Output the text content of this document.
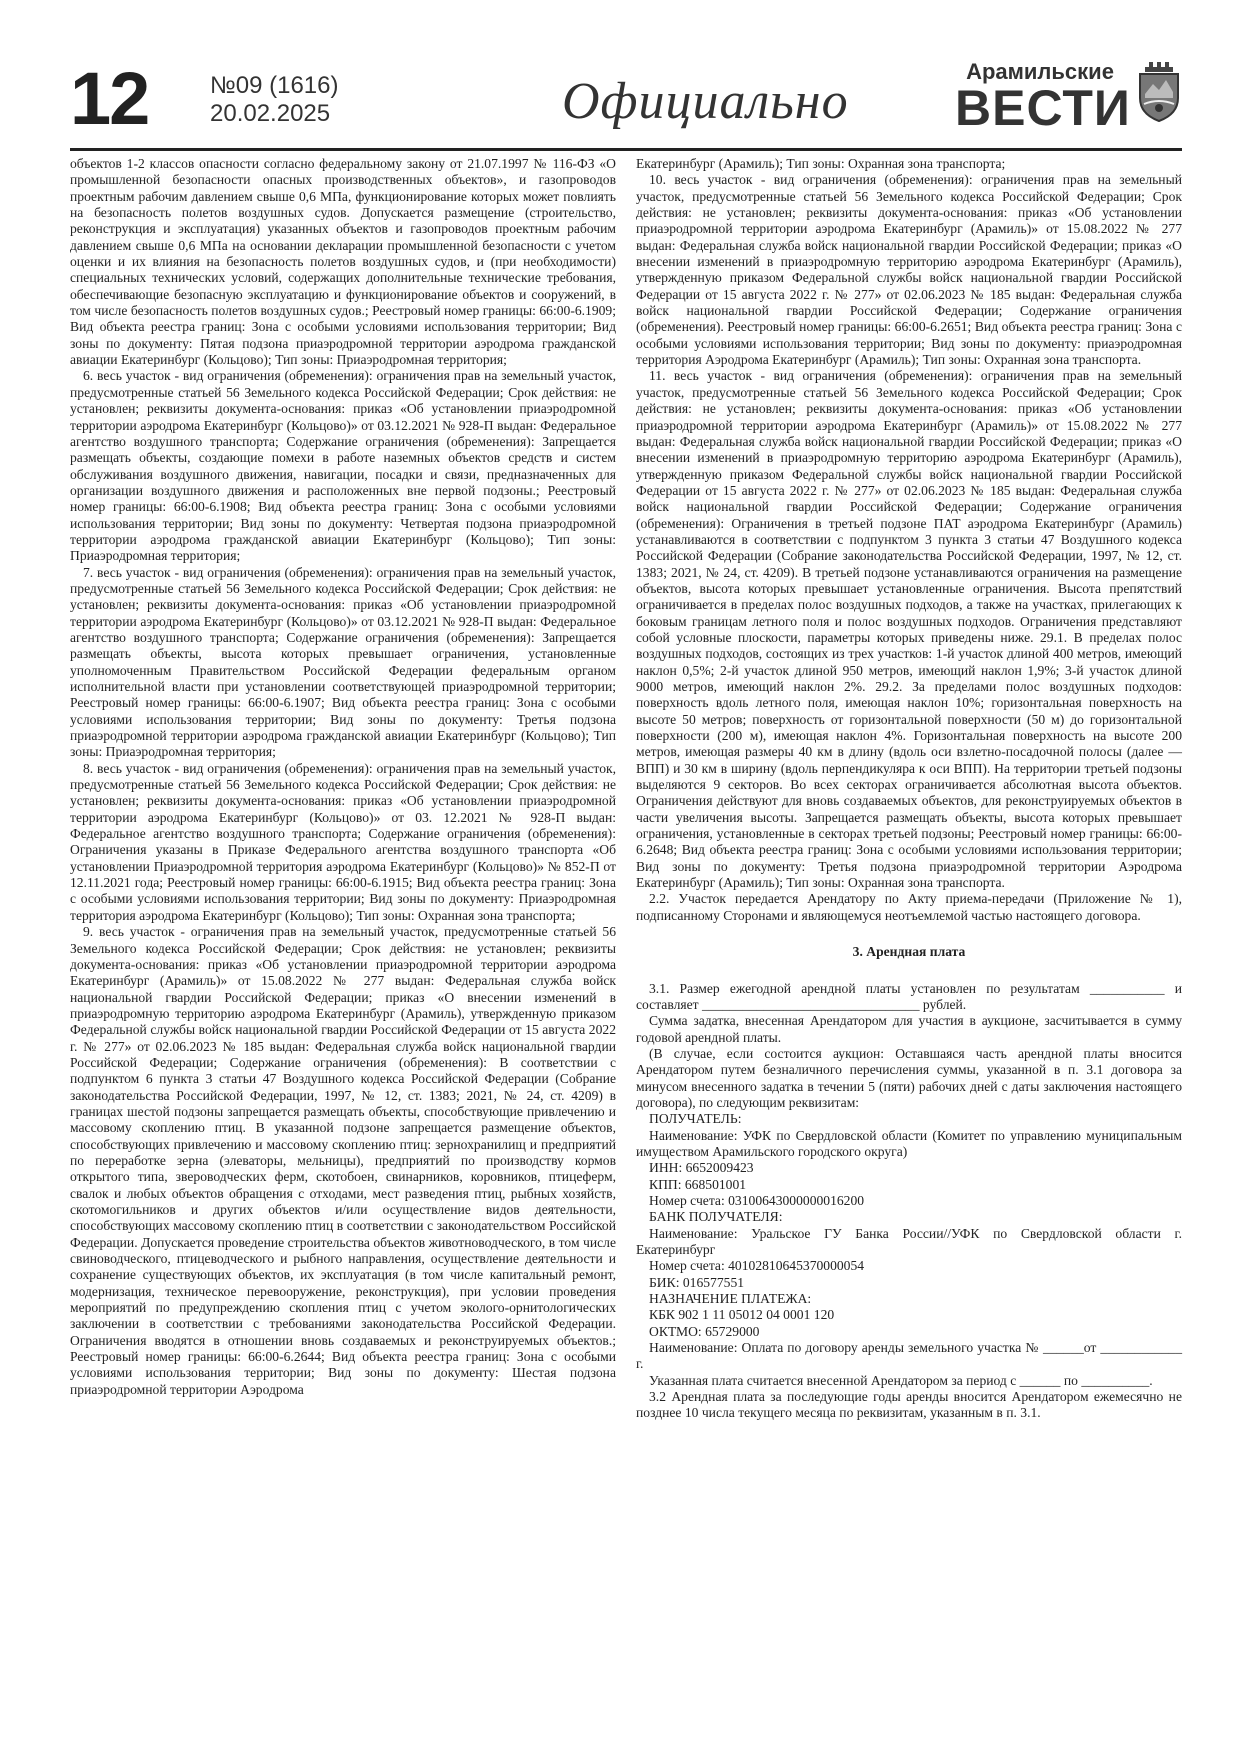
12	№09 (1616)
20.02.2025	Официально
Арамильские
ВЕСТИ

объектов 1-2 классов опасности согласно федеральному закону от 21.07.1997 № 116-ФЗ «О промышленной безопасности опасных производственных объектов», и газопроводов проектным рабочим давлением свыше 0,6 МПа, функционирование которых может повлиять на безопасность полетов воздушных судов. Допускается размещение (строительство, реконструкция и эксплуатация) указанных объектов и газопроводов проектным рабочим давлением свыше 0,6 МПа на основании декларации промышленной безопасности с учетом оценки и их влияния на безопасность полетов воздушных судов, и (при необходимости) специальных технических условий, содержащих дополнительные технические требования, обеспечивающие безопасную эксплуатацию и функционирование объектов и сооружений, в том числе безопасность полетов воздушных судов.; Реестровый номер границы: 66:00-6.1909; Вид объекта реестра границ: Зона с особыми условиями использования территории; Вид зоны по документу: Пятая подзона приаэродромной территории аэродрома гражданской авиации Екатеринбург (Кольцово); Тип зоны: Приаэродромная территория;

6. весь участок - вид ограничения (обременения): ограничения прав на земельный участок, предусмотренные статьей 56 Земельного кодекса Российской Федерации; Срок действия: не установлен; реквизиты документа-основания: приказ «Об установлении приаэродромной территории аэродрома Екатеринбург (Кольцово)» от 03.12.2021 № 928-П выдан: Федеральное агентство воздушного транспорта; Содержание ограничения (обременения): Запрещается размещать объекты, создающие помехи в работе наземных объектов средств и систем обслуживания воздушного движения, навигации, посадки и связи, предназначенных для организации воздушного движения и расположенных вне первой подзоны.; Реестровый номер границы: 66:00-6.1908; Вид объекта реестра границ: Зона с особыми условиями использования территории; Вид зоны по документу: Четвертая подзона приаэродромной территории аэродрома гражданской авиации Екатеринбург (Кольцово); Тип зоны: Приаэродромная территория;

7. весь участок - вид ограничения (обременения): ограничения прав на земельный участок, предусмотренные статьей 56 Земельного кодекса Российской Федерации; Срок действия: не установлен; реквизиты документа-основания: приказ «Об установлении приаэродромной территории аэродрома Екатеринбург (Кольцово)» от 03.12.2021 № 928-П выдан: Федеральное агентство воздушного транспорта; Содержание ограничения (обременения): Запрещается размещать объекты, высота которых превышает ограничения, установленные уполномоченным Правительством Российской Федерации федеральным органом исполнительной власти при установлении соответствующей приаэродромной территории; Реестровый номер границы: 66:00-6.1907; Вид объекта реестра границ: Зона с особыми условиями использования территории; Вид зоны по документу: Третья подзона приаэродромной территории аэродрома гражданской авиации Екатеринбург (Кольцово); Тип зоны: Приаэродромная территория;

8. весь участок - вид ограничения (обременения): ограничения прав на земельный участок, предусмотренные статьей 56 Земельного кодекса Российской Федерации; Срок действия: не установлен; реквизиты документа-основания: приказ «Об установлении приаэродромной территории аэродрома Екатеринбург (Кольцово)» от 03. 12.2021 № 928-П выдан: Федеральное агентство воздушного транспорта; Содержание ограничения (обременения): Ограничения указаны в Приказе Федерального агентства воздушного транспорта «Об установлении Приаэродромной территория аэродрома Екатеринбург (Кольцово)» № 852-П от 12.11.2021 года; Реестровый номер границы: 66:00-6.1915; Вид объекта реестра границ: Зона с особыми условиями использования территории; Вид зоны по документу: Приаэродромная территория аэродрома Екатеринбург (Кольцово); Тип зоны: Охранная зона транспорта;

9. весь участок - ограничения прав на земельный участок, предусмотренные статьей 56 Земельного кодекса Российской Федерации; Срок действия: не установлен; реквизиты документа-основания: приказ «Об установлении приаэродромной территории аэродрома Екатеринбург (Арамиль)» от 15.08.2022 № 277 выдан: Федеральная служба войск национальной гвардии Российской Федерации; приказ «О внесении изменений в приаэродромную территорию аэродрома Екатеринбург (Арамиль), утвержденную приказом Федеральной службы войск национальной гвардии Российской Федерации от 15 августа 2022 г. № 277» от 02.06.2023 № 185 выдан: Федеральная служба войск национальной гвардии Российской Федерации; Содержание ограничения (обременения): В соответствии с подпунктом 6 пункта 3 статьи 47 Воздушного кодекса Российской Федерации (Собрание законодательства Российской Федерации, 1997, № 12, ст. 1383; 2021, № 24, ст. 4209) в границах шестой подзоны запрещается размещать объекты, способствующие привлечению и массовому скоплению птиц. В указанной подзоне запрещается размещение объектов, способствующих привлечению и массовому скоплению птиц: зернохранилищ и предприятий по переработке зерна (элеваторы, мельницы), предприятий по производству кормов открытого типа, звероводческих ферм, скотобоен, свинарников, коровников, птицеферм, свалок и любых объектов обращения с отходами, мест разведения птиц, рыбных хозяйств, скотомогильников и других объектов и/или осуществление видов деятельности, способствующих массовому скоплению птиц в соответствии с законодательством Российской Федерации. Допускается проведение строительства объектов животноводческого, в том числе свиноводческого, птицеводческого и рыбного направления, осуществление деятельности и сохранение существующих объектов, их эксплуатация (в том числе капитальный ремонт, модернизация, техническое перевооружение, реконструкция), при условии проведения мероприятий по предупреждению скопления птиц с учетом эколого-орнитологических заключении в соответствии с требованиями законодательства Российской Федерации. Ограничения вводятся в отношении вновь создаваемых и реконструируемых объектов.; Реестровый номер границы: 66:00-6.2644; Вид объекта реестра границ: Зона с особыми условиями использования территории; Вид зоны по документу: Шестая подзона приаэродромной территории Аэродрома

Екатеринбург (Арамиль); Тип зоны: Охранная зона транспорта;

10. весь участок - вид ограничения (обременения): ограничения прав на земельный участок, предусмотренные статьей 56 Земельного кодекса Российской Федерации; Срок действия: не установлен; реквизиты документа-основания: приказ «Об установлении приаэродромной территории аэродрома Екатеринбург (Арамиль)» от 15.08.2022 № 277 выдан: Федеральная служба войск национальной гвардии Российской Федерации; приказ «О внесении изменений в приаэродромную территорию аэродрома Екатеринбург (Арамиль), утвержденную приказом Федеральной службы войск национальной гвардии Российской Федерации от 15 августа 2022 г. № 277» от 02.06.2023 № 185 выдан: Федеральная служба войск национальной гвардии Российской Федерации; Содержание ограничения (обременения). Реестровый номер границы: 66:00-6.2651; Вид объекта реестра границ: Зона с особыми условиями использования территории; Вид зоны по документу: приаэродромная территория Аэродрома Екатеринбург (Арамиль); Тип зоны: Охранная зона транспорта.

11. весь участок - вид ограничения (обременения): ограничения прав на земельный участок, предусмотренные статьей 56 Земельного кодекса Российской Федерации; Срок действия: не установлен; реквизиты документа-основания: приказ «Об установлении приаэродромной территории аэродрома Екатеринбург (Арамиль)» от 15.08.2022 № 277 выдан: Федеральная служба войск национальной гвардии Российской Федерации; приказ «О внесении изменений в приаэродромную территорию аэродрома Екатеринбург (Арамиль), утвержденную приказом Федеральной службы войск национальной гвардии Российской Федерации от 15 августа 2022 г. № 277» от 02.06.2023 № 185 выдан: Федеральная служба войск национальной гвардии Российской Федерации; Содержание ограничения (обременения): Ограничения в третьей подзоне ПАТ аэродрома Екатеринбург (Арамиль) устанавливаются в соответствии с подпунктом 3 пункта 3 статьи 47 Воздушного кодекса Российской Федерации (Собрание законодательства Российской Федерации, 1997, № 12, ст. 1383; 2021, № 24, ст. 4209). В третьей подзоне устанавливаются ограничения на размещение объектов, высота которых превышает установленные ограничения. Высота препятствий ограничивается в пределах полос воздушных подходов, а также на участках, прилегающих к боковым границам летного поля и полос воздушных подходов. Ограничения представляют собой условные плоскости, параметры которых приведены ниже. 29.1. В пределах полос воздушных подходов, состоящих из трех участков: 1-й участок длиной 400 метров, имеющий наклон 0,5%; 2-й участок длиной 950 метров, имеющий наклон 1,9%; 3-й участок длиной 9000 метров, имеющий наклон 2%. 29.2. За пределами полос воздушных подходов: поверхность вдоль летного поля, имеющая наклон 10%; горизонтальная поверхность на высоте 50 метров; поверхность от горизонтальной поверхности (50 м) до горизонтальной поверхности (200 м), имеющая наклон 4%. Горизонтальная поверхность на высоте 200 метров, имеющая размеры 40 км в длину (вдоль оси взлетно-посадочной полосы (далее — ВПП) и 30 км в ширину (вдоль перпендикуляра к оси ВПП). На территории третьей подзоны выделяются 9 секторов. Во всех секторах ограничивается абсолютная высота объектов. Ограничения действуют для вновь создаваемых объектов, для реконструируемых объектов в части увеличения высоты. Запрещается размещать объекты, высота которых превышает ограничения, установленные в секторах третьей подзоны; Реестровый номер границы: 66:00-6.2648; Вид объекта реестра границ: Зона с особыми условиями использования территории; Вид зоны по документу: Третья подзона приаэродромной территории Аэродрома Екатеринбург (Арамиль); Тип зоны: Охранная зона транспорта.

2.2. Участок передается Арендатору по Акту приема-передачи (Приложение № 1), подписанному Сторонами и являющемуся неотъемлемой частью настоящего договора.

3. Арендная плата

3.1. Размер ежегодной арендной платы установлен по результатам ___________ и составляет ________________________________ рублей.

Сумма задатка, внесенная Арендатором для участия в аукционе, засчитывается в сумму годовой арендной платы.

(В случае, если состоится аукцион: Оставшаяся часть арендной платы вносится Арендатором путем безналичного перечисления суммы, указанной в п. 3.1 договора за минусом внесенного задатка в течении 5 (пяти) рабочих дней с даты заключения настоящего договора), по следующим реквизитам:

ПОЛУЧАТЕЛЬ:

Наименование: УФК по Свердловской области (Комитет по управлению муниципальным имуществом Арамильского городского округа)

ИНН: 6652009423

КПП: 668501001

Номер счета: 03100643000000016200

БАНК ПОЛУЧАТЕЛЯ:

Наименование: Уральское ГУ Банка России//УФК по Свердловской области г. Екатеринбург

Номер счета: 40102810645370000054

БИК: 016577551

НАЗНАЧЕНИЕ ПЛАТЕЖА:

КБК 902 1 11 05012 04 0001 120

ОКТМО: 65729000

Наименование: Оплата по договору аренды земельного участка № ______от ____________ г.

Указанная плата считается внесенной Арендатором за период с ______ по __________.

3.2 Арендная плата за последующие годы аренды вносится Арендатором ежемесячно не позднее 10 числа текущего месяца по реквизитам, указанным в п. 3.1.
